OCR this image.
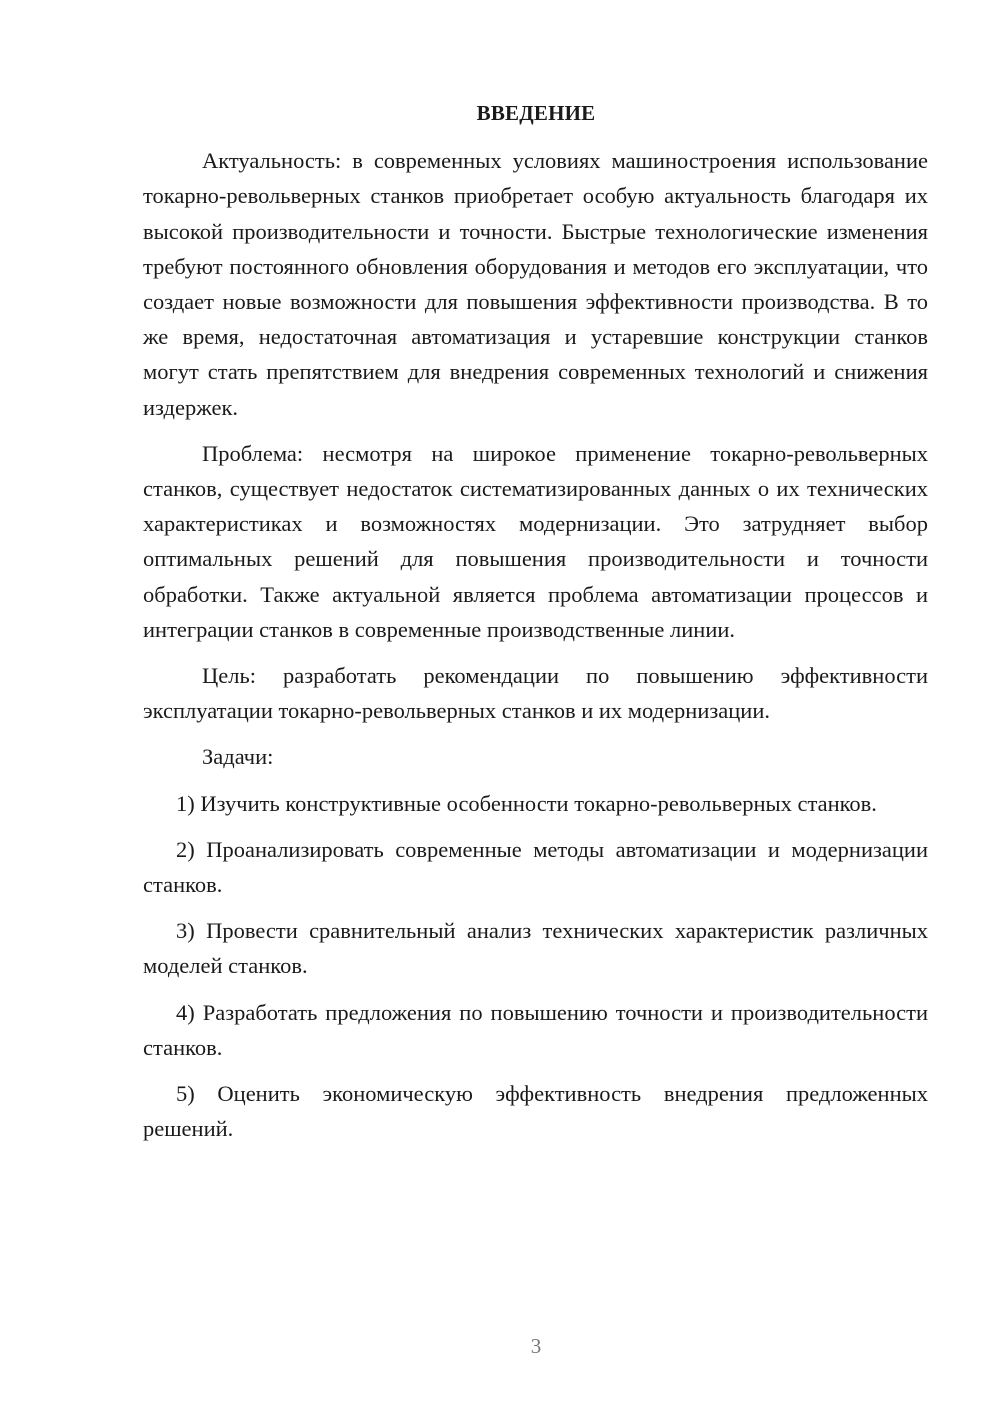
ВВЕДЕНИЕ

Актуальность: в современных условиях машиностроения использование токарно-револьверных станков приобретает особую актуальность благодаря их высокой производительности и точности. Быстрые технологические изменения требуют постоянного обновления оборудования и методов его эксплуатации, что создает новые возможности для повышения эффективности производства. В то же время, недостаточная автоматизация и устаревшие конструкции станков могут стать препятствием для внедрения современных технологий и снижения издержек.

Проблема: несмотря на широкое применение токарно-револьверных станков, существует недостаток систематизированных данных о их технических характеристиках и возможностях модернизации. Это затрудняет выбор оптимальных решений для повышения производительности и точности обработки. Также актуальной является проблема автоматизации процессов и интеграции станков в современные производственные линии.

Цель: разработать рекомендации по повышению эффективности эксплуатации токарно-револьверных станков и их модернизации.

Задачи:

1) Изучить конструктивные особенности токарно-револьверных станков.

2) Проанализировать современные методы автоматизации и модернизации станков.

3) Провести сравнительный анализ технических характеристик различных моделей станков.

4) Разработать предложения по повышению точности и производительности станков.

5) Оценить экономическую эффективность внедрения предложенных решений.

3
